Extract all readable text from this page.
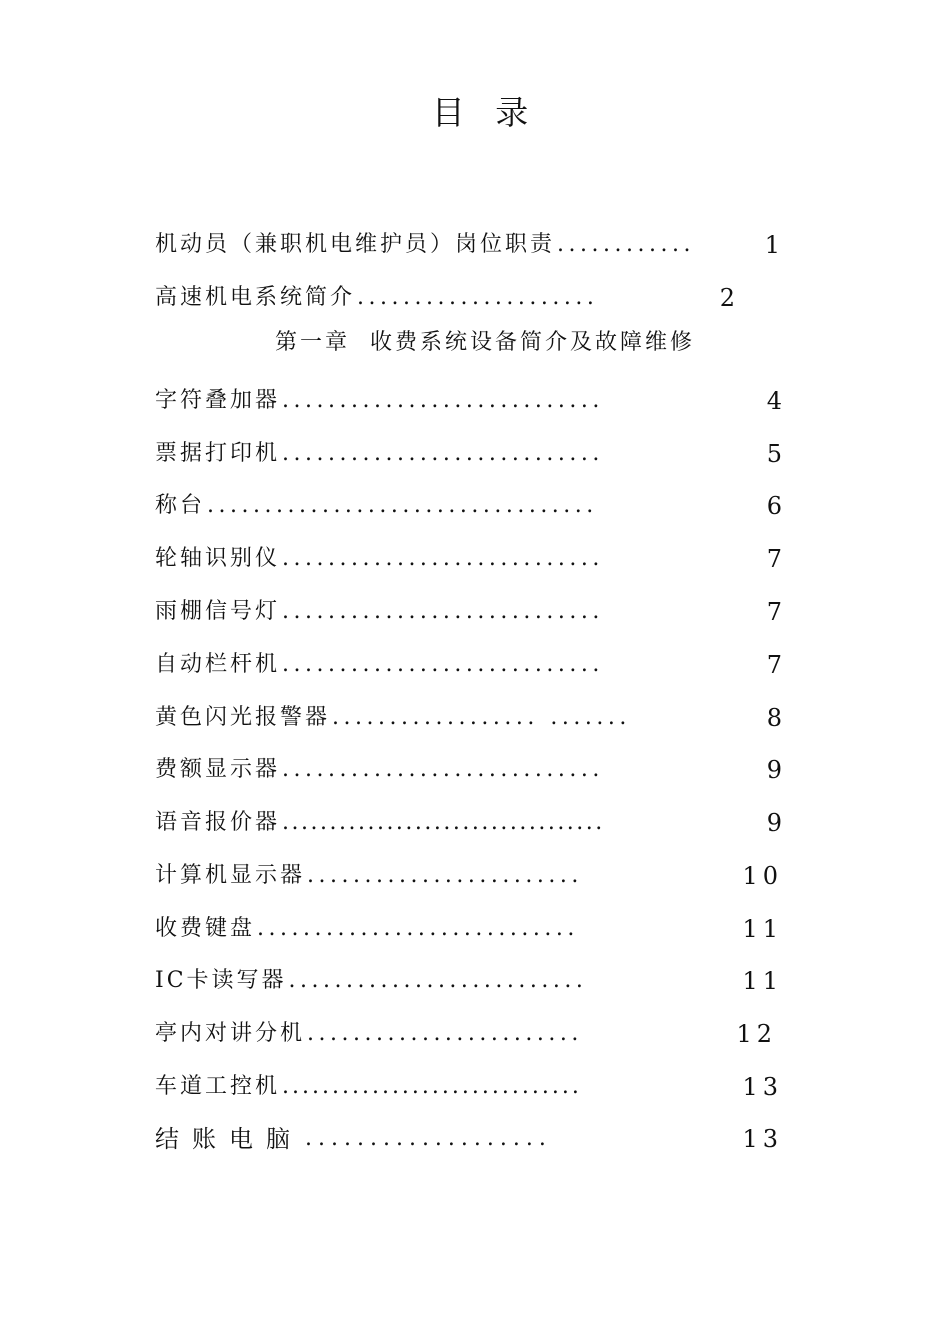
目 录
机动员（兼职机电维护员）岗位职责 ............	1
高速机电系统简介 .....................	2
第一章 收费系统设备简介及故障维修
字符叠加器 ............................	4
票据打印机 ............................	5
称台 ..................................	6
轮轴识别仪 ............................	7
雨棚信号灯 ............................	7
自动栏杆机 ............................	7
黄色闪光报警器 .................. .......	8
费额显示器 ............................	9
语音报价器 ..................................	9
计算机显示器 ........................	10
收费键盘 ............................	11
IC卡读写器 ..........................	11
亭内对讲分机 ........................	12
车道工控机 ..............................	13
结账电脑 ...................	13
